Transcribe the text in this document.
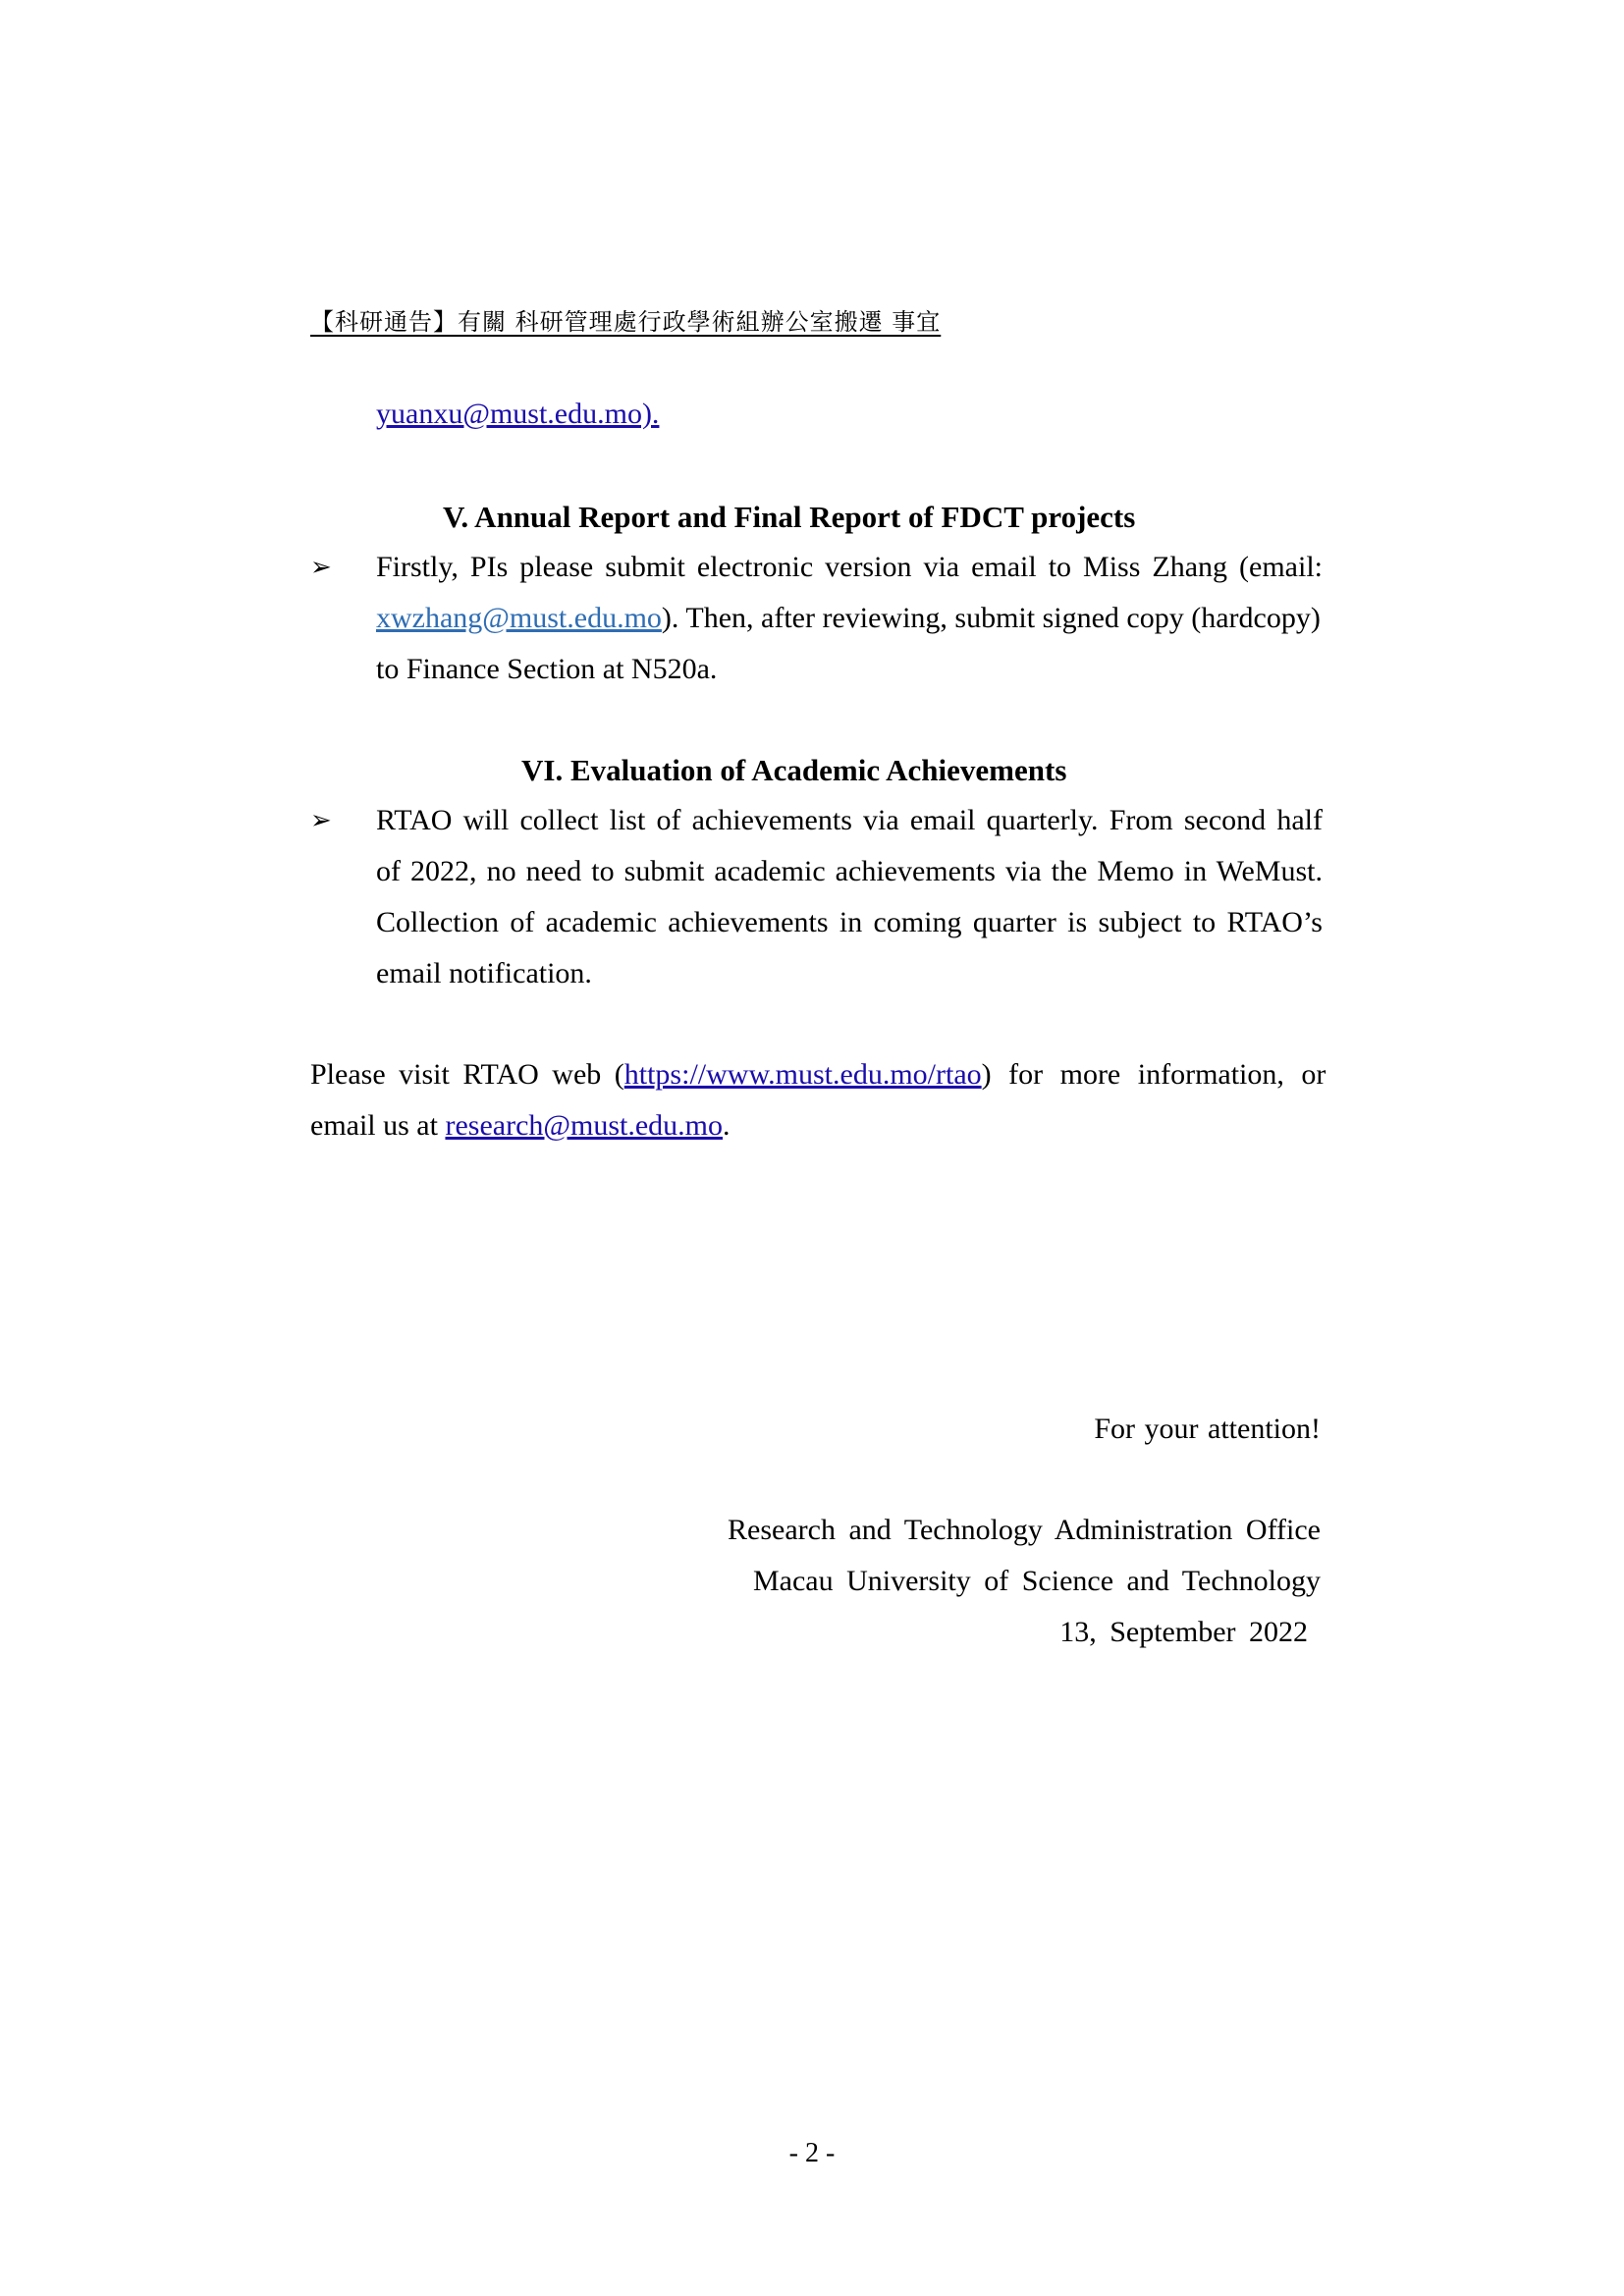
【科研通告】有關 科研管理處行政學術組辦公室搬遷 事宜
yuanxu@must.edu.mo).
V. Annual Report and Final Report of FDCT projects
➢ Firstly, PIs please submit electronic version via email to Miss Zhang (email:
xwzhang@must.edu.mo). Then, after reviewing, submit signed copy (hardcopy)
to Finance Section at N520a.
VI. Evaluation of Academic Achievements
➢ RTAO will collect list of achievements via email quarterly. From second half
of 2022, no need to submit academic achievements via the Memo in WeMust.
Collection of academic achievements in coming quarter is subject to RTAO’s
email notification.
Please visit RTAO web ( https://www.must.edu.mo/rtao ) for more information, or
email us at research@must.edu.mo.
For your attention!
Research and Technology Administration Office
Macau University of Science and Technology
13, September 2022
- 2 -
